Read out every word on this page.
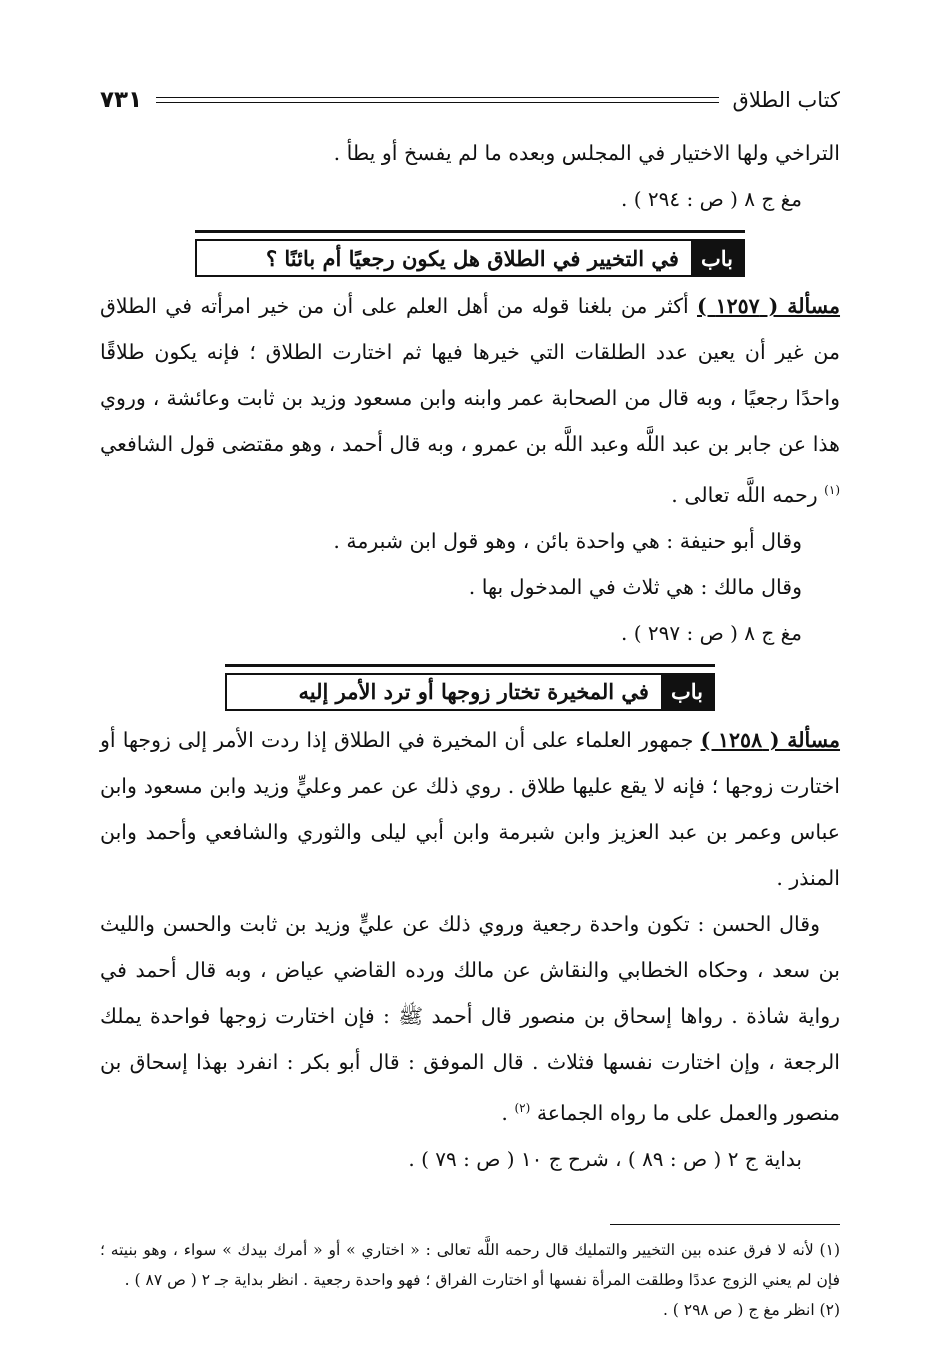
كتاب الطلاق
٧٣١

التراخي ولها الاختيار في المجلس وبعده ما لم يفسخ أو يطأ .

مغ ج ٨ ( ص : ٢٩٤ ) .

باب
في التخيير في الطلاق هل يكون رجعيًا أم بائنًا ؟

مسألة ( ١٢٥٧ ) أكثر من بلغنا قوله من أهل العلم على أن من خير امرأته في الطلاق من غير أن يعين عدد الطلقات التي خيرها فيها ثم اختارت الطلاق ؛ فإنه يكون طلاقًا واحدًا رجعيًا ، وبه قال من الصحابة عمر وابنه وابن مسعود وزيد بن ثابت وعائشة ، وروي هذا عن جابر بن عبد اللَّه وعبد اللَّه بن عمرو ، وبه قال أحمد ، وهو مقتضى قول الشافعي $^{(١)}$ رحمه اللَّه تعالى .

وقال أبو حنيفة : هي واحدة بائن ، وهو قول ابن شبرمة .

وقال مالك : هي ثلاث في المدخول بها .

مغ ج ٨ ( ص : ٢٩٧ ) .

باب
في المخيرة تختار زوجها أو ترد الأمر إليه

مسألة ( ١٢٥٨ ) جمهور العلماء على أن المخيرة في الطلاق إذا ردت الأمر إلى زوجها أو اختارت زوجها ؛ فإنه لا يقع عليها طلاق . روي ذلك عن عمر وعليٍّ وزيد وابن مسعود وابن عباس وعمر بن عبد العزيز وابن شبرمة وابن أبي ليلى والثوري والشافعي وأحمد وابن المنذر .

وقال الحسن : تكون واحدة رجعية وروي ذلك عن عليٍّ وزيد بن ثابت والحسن والليث بن سعد ، وحكاه الخطابي والنقاش عن مالك ورده القاضي عياض ، وبه قال أحمد في رواية شاذة . رواها إسحاق بن منصور قال أحمد ﷺ : فإن اختارت زوجها فواحدة يملك الرجعة ، وإن اختارت نفسها فثلاث . قال الموفق : قال أبو بكر : انفرد بهذا إسحاق بن منصور والعمل على ما رواه الجماعة $^{(٢)}$ .

بداية ج ٢ ( ص : ٨٩ ) ، شرح ج ١٠ ( ص : ٧٩ ) .

(١) لأنه لا فرق عنده بين التخيير والتمليك قال رحمه اللَّه تعالى : « اختاري » أو « أمرك بيدك » سواء ، وهو بنيته ؛ فإن لم يعني الزوج عددًا وطلقت المرأة نفسها أو اختارت الفراق ؛ فهو واحدة رجعية . انظر بداية جـ ٢ ( ص ٨٧ ) .

(٢) انظر مغ ج ( ص ٢٩٨ ) .
